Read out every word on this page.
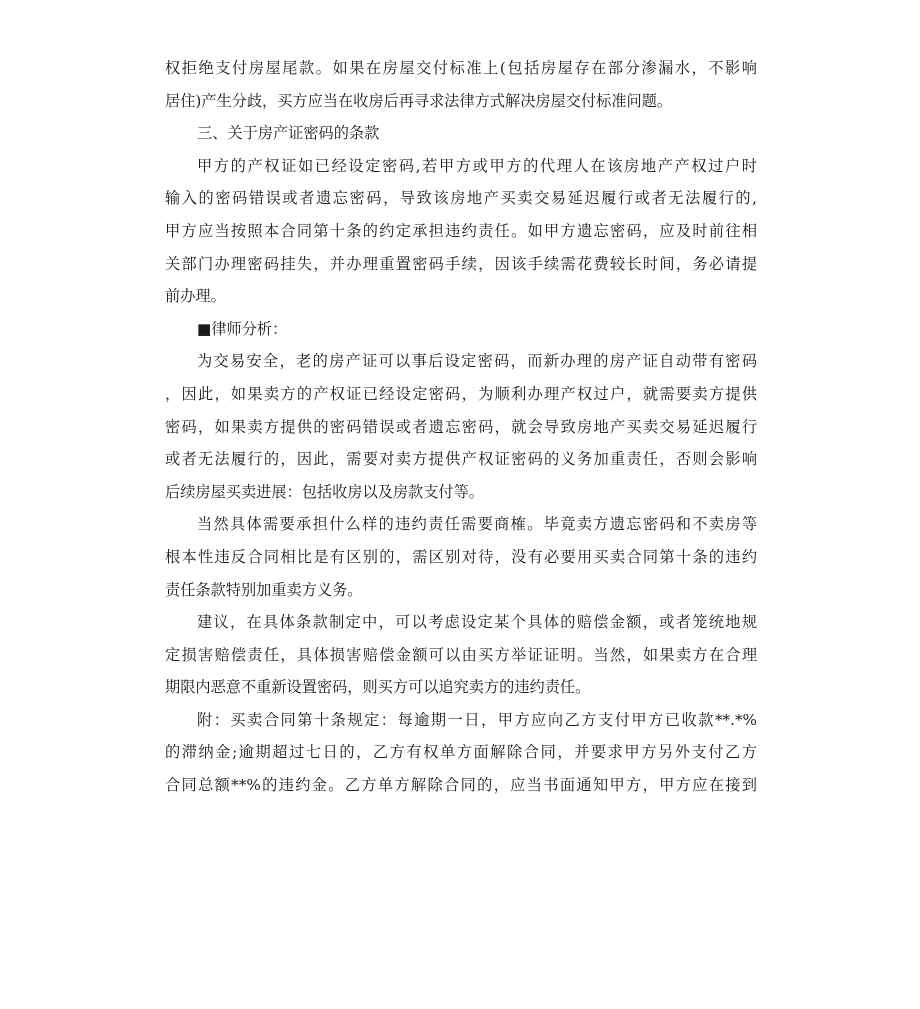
权拒绝支付房屋尾款。如果在房屋交付标准上(包括房屋存在部分渗漏水，不影响
居住)产生分歧，买方应当在收房后再寻求法律方式解决房屋交付标准问题。
三、关于房产证密码的条款
甲方的产权证如已经设定密码,若甲方或甲方的代理人在该房地产产权过户时
输入的密码错误或者遗忘密码，导致该房地产买卖交易延迟履行或者无法履行的,
甲方应当按照本合同第十条的约定承担违约责任。如甲方遗忘密码，应及时前往相
关部门办理密码挂失，并办理重置密码手续，因该手续需花费较长时间，务必请提
前办理。
■律师分析：
为交易安全，老的房产证可以事后设定密码，而新办理的房产证自动带有密码
，因此，如果卖方的产权证已经设定密码，为顺利办理产权过户，就需要卖方提供
密码，如果卖方提供的密码错误或者遗忘密码，就会导致房地产买卖交易延迟履行
或者无法履行的，因此，需要对卖方提供产权证密码的义务加重责任，否则会影响
后续房屋买卖进展：包括收房以及房款支付等。
当然具体需要承担什么样的违约责任需要商榷。毕竟卖方遗忘密码和不卖房等
根本性违反合同相比是有区别的，需区别对待，没有必要用买卖合同第十条的违约
责任条款特别加重卖方义务。
建议，在具体条款制定中，可以考虑设定某个具体的赔偿金额，或者笼统地规
定损害赔偿责任，具体损害赔偿金额可以由买方举证证明。当然，如果卖方在合理
期限内恶意不重新设置密码，则买方可以追究卖方的违约责任。
附：买卖合同第十条规定：每逾期一日，甲方应向乙方支付甲方已收款**.*%
的滞纳金;逾期超过七日的，乙方有权单方面解除合同，并要求甲方另外支付乙方
合同总额**%的违约金。乙方单方解除合同的，应当书面通知甲方，甲方应在接到
